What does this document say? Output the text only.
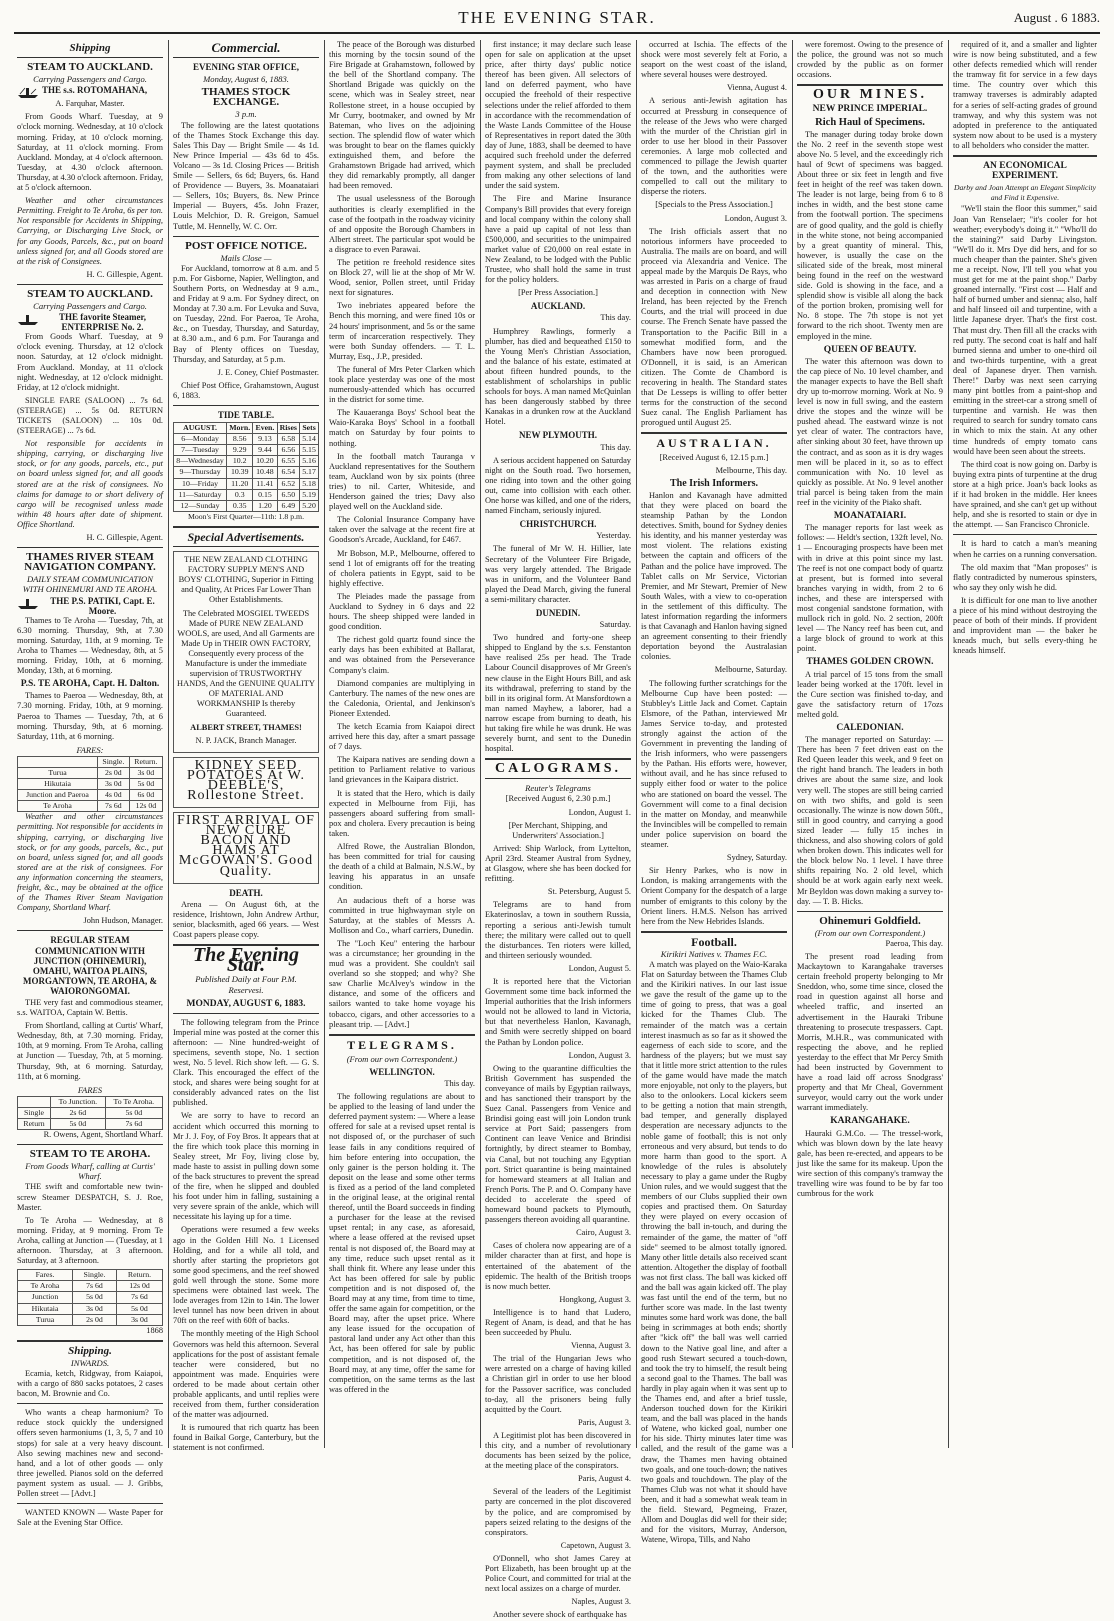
THE EVENING STAR.	August . 6 1883.
Shipping
STEAM TO AUCKLAND.
Carrying Passengers and Cargo.
THE s.s. ROTOMAHANA,

A. Farquhar, Master.

From Goods Wharf. Tuesday, at 9 o'clock morning. Wednesday, at 10 o'clock morning. Friday, at 10 o'clock morning. Saturday, at 11 o'clock morning. From Auckland. Monday, at 4 o'clock afternoon. Tuesday, at 4.30 o'clock afternoon. Thursday, at 4.30 o'clock afternoon. Friday, at 5 o'clock afternoon.

Weather and other circumstances Permitting. Freight to Te Aroha, 6s per ton. Not responsible for Accidents in Shipping, Carrying, or Discharging Live Stock, or for any Goods, Parcels, &c., put on board unless signed for, and all Goods stored are at the risk of Consignees.

H. C. Gillespie, Agent.

STEAM TO AUCKLAND.
Carrying Passengers and Cargo.
THE favorite Steamer, ENTERPRISE No. 2.

From Goods Wharf. Tuesday, at 9 o'clock evening. Thursday, at 12 o'clock noon. Saturday, at 12 o'clock midnight. From Auckland. Monday, at 11 o'clock night. Wednesday, at 12 o'clock midnight. Friday, at 12 o'clock midnight.

SINGLE FARE (SALOON) ... 7s 6d. (STEERAGE) ... 5s 0d. RETURN TICKETS (SALOON) ... 10s 0d. (STEERAGE) ... 7s 6d.

Not responsible for accidents in shipping, carrying, or discharging live stock, or for any goods, parcels, etc., put on board unless signed for, and all goods stored are at the risk of consignees. No claims for damage to or short delivery of cargo will be recognised unless made within 48 hours after date of shipment. Office Shortland.

H. C. Gillespie, Agent.

THAMES RIVER STEAM NAVIGATION COMPANY.
DAILY STEAM COMMUNICATION WITH OHINEMURI AND TE AROHA.
THE P.S. PATIKI, Capt. E. Moore.

Thames to Te Aroha — Tuesday, 7th, at 6.30 morning. Thursday, 9th, at 7.30 morning. Saturday, 11th, at 9 morning. Te Aroha to Thames — Wednesday, 8th, at 5 morning. Friday, 10th, at 6 morning. Monday, 13th, at 6 morning.

P.S. TE AROHA, Capt. H. Dalton.

Thames to Paeroa — Wednesday, 8th, at 7.30 morning. Friday, 10th, at 9 morning. Paeroa to Thames — Tuesday, 7th, at 6 morning. Thursday, 9th, at 6 morning. Saturday, 11th, at 6 morning.

FARES:
	Single.	Return.
Turua	2s 0d	3s 0d
Hikutaia	3s 0d	5s 0d
Junction and Paeroa	4s 0d	6s 0d
Te Aroha	7s 6d	12s 0d

Weather and other circumstances permitting. Not responsible for accidents in shipping, carrying, or discharging live stock, or for any goods, parcels, &c., put on board, unless signed for, and all goods stored are at the risk of consignees. For any information concerning the steamers, freight, &c., may be obtained at the office of the Thames River Steam Navigation Company, Shortland Wharf.

John Hudson, Manager.

REGULAR STEAM COMMUNICATION WITH JUNCTION (OHINEMURI), OMAHU, WAITOA PLAINS, MORGANTOWN, TE AROHA, & WAIORONGOMAI.

THE very fast and commodious steamer, s.s. WAITOA, Captain W. Bettis.

From Shortland, calling at Curtis' Wharf, Wednesday, 8th, at 7.30 morning. Friday, 10th, at 9 morning. From Te Aroha, calling at Junction — Tuesday, 7th, at 5 morning. Thursday, 9th, at 6 morning. Saturday, 11th, at 6 morning.

FARES
	To Junction.	To Te Aroha.
Single	2s 6d	5s 0d
Return	5s 0d	7s 6d

R. Owens, Agent, Shortland Wharf.

STEAM TO TE AROHA.
From Goods Wharf, calling at Curtis' Wharf.

THE swift and comfortable new twin-screw Steamer DESPATCH, S. J. Roe, Master.

To Te Aroha — Wednesday, at 8 morning. Friday, at 9 morning. From Te Aroha, calling at Junction — (Tuesday, at 1 afternoon. Thursday, at 3 afternoon. Saturday, at 3 afternoon.

Fares.	Single.	Return.
Te Aroha	7s 6d	12s 0d
Junction	5s 0d	7s 6d
Hikutaia	3s 0d	5s 0d
Turua	2s 0d	3s 0d

1868

Shipping.
INWARDS.

Ecamia, ketch, Ridgway, from Kaiapoi, with a cargo of 880 sacks potatoes, 2 cases bacon, M. Brownie and Co.

Who wants a cheap harmonium? To reduce stock quickly the undersigned offers seven harmoniums (1, 3, 5, 7 and 10 stops) for sale at a very heavy discount. Also sewing machines new and second-hand, and a lot of other goods — only three jewelled. Pianos sold on the deferred payment system as usual. — J. Gribbs, Pollen street — [Advt.]

WANTED KNOWN — Waste Paper for Sale at the Evening Star Office.

Commercial.
EVENING STAR OFFICE,
Monday, August 6, 1883.
THAMES STOCK EXCHANGE.
3 p.m.

The following are the latest quotations of the Thames Stock Exchange this day. Sales This Day — Bright Smile — 4s 1d. New Prince Imperial — 43s 6d to 45s. Volcano — 3s 1d. Closing Prices — British Smile — Sellers, 6s 6d; Buyers, 6s. Hand of Providence — Buyers, 3s. Moanataiari — Sellers, 10s; Buyers, 8s. New Prince Imperial — Buyers, 45s. John Frazer, Louis Melchior, D. R. Greigon, Samuel Tuttle, M. Hennelly, W. C. Orr.

POST OFFICE NOTICE.
Mails Close —

For Auckland, tomorrow at 8 a.m. and 5 p.m. For Gisborne, Napier, Wellington, and Southern Ports, on Wednesday at 9 a.m., and Friday at 9 a.m. For Sydney direct, on Monday at 7.30 a.m. For Levuka and Suva, on Tuesday, 22nd. For Paeroa, Te Aroha, &c., on Tuesday, Thursday, and Saturday, at 8.30 a.m., and 6 p.m. For Tauranga and Bay of Plenty offices on Tuesday, Thursday, and Saturday, at 5 p.m.

J. E. Coney, Chief Postmaster.

Chief Post Office, Grahamstown, August 6, 1883.

TIDE TABLE.
AUGUST.	Morn.	Even.	Rises	Sets
6—Monday	8.56	9.13	6.58	5.14
7—Tuesday	9.29	9.44	6.56	5.15
8—Wednesday	10.2	10.20	6.55	5.16
9—Thursday	10.39	10.48	6.54	5.17
10—Friday	11.20	11.41	6.52	5.18
11—Saturday	0.3	0.15	6.50	5.19
12—Sunday	0.35	1.20	6.49	5.20

Moon's First Quarter—11th: 1.8 p.m.

Special Advertisements.

THE NEW ZEALAND CLOTHING FACTORY SUPPLY MEN'S AND BOYS' CLOTHING, Superior in Fitting and Quality, At Prices Far Lower Than Other Establishments.

The Celebrated MOSGIEL TWEEDS Made of PURE NEW ZEALAND WOOLS, are used, And all Garments are Made Up in THEIR OWN FACTORY, Consequently every process of the Manufacture is under the immediate supervision of TRUSTWORTHY HANDS, And the GENUINE QUALITY OF MATERIAL AND WORKMANSHIP Is thereby Guaranteed.

ALBERT STREET, THAMES!

N. P. JACK, Branch Manager.

KIDNEY SEED POTATOES At W. DEEBLE'S, Rollestone Street.

FIRST ARRIVAL OF NEW CURE BACON AND HAMS AT McGOWAN'S. Good Quality.

DEATH.

Arena — On August 6th, at the residence, Irishtown, John Andrew Arthur, senior, blacksmith, aged 66 years. — West Coast papers please copy.

The Evening Star.
Published Daily at Four P.M.
Reservesi.
MONDAY, AUGUST 6, 1883.

The following telegram from the Prince Imperial mine was posted at the corner this afternoon: — Nine hundred-weight of specimens, seventh stope, No. 1 section west, No. 5 level. Rich show left. — G. S. Clark. This encouraged the effect of the stock, and shares were being sought for at considerably advanced rates on the list published.

We are sorry to have to record an accident which occurred this morning to Mr J. J. Foy, of Foy Bros. It appears that at the fire which took place this morning in Sealey street, Mr Foy, living close by, made haste to assist in pulling down some of the back structures to prevent the spread of the fire, when he slipped and doubled his foot under him in falling, sustaining a very severe sprain of the ankle, which will necessitate his laying up for a time.

Operations were resumed a few weeks ago in the Golden Hill No. 1 Licensed Holding, and for a while all told, and shortly after starting the proprietors got some good specimens, and the reef showed gold well through the stone. Some more specimens were obtained last week. The lode averages from 12in to 14in. The lower level tunnel has now been driven in about 70ft on the reef with 60ft of backs.

The monthly meeting of the High School Governors was held this afternoon. Several applications for the post of assistant female teacher were considered, but no appointment was made. Enquiries were ordered to be made about certain other probable applicants, and until replies were received from them, further consideration of the matter was adjourned.

It is rumoured that rich quartz has been found in Baikal Gorge, Canterbury, but the statement is not confirmed.

The peace of the Borough was disturbed this morning by the tocsin sound of the Fire Brigade at Grahamstown, followed by the bell of the Shortland company. The Shortland Brigade was quickly on the scene, which was in Sealey street, near Rollestone street, in a house occupied by Mr Curry, bootmaker, and owned by Mr Bateman, who lives on the adjoining section. The splendid flow of water which was brought to bear on the flames quickly extinguished them, and before the Grahamstown Brigade had arrived, which they did remarkably promptly, all danger had been removed.

The usual uselessness of the Borough authorities is clearly exemplified in the case of the footpath in the roadway vicinity of and opposite the Borough Chambers in Albert street. The particular spot would be a disgrace to even Parawai.

The petition re freehold residence sites on Block 27, will lie at the shop of Mr W. Wood, senior, Pollen street, until Friday next for signatures.

Two inebriates appeared before the Bench this morning, and were fined 10s or 24 hours' imprisonment, and 5s or the same term of incarceration respectively. They were both Sunday offenders. — T. L. Murray, Esq., J.P., presided.

The funeral of Mrs Peter Clarken which took place yesterday was one of the most numerously-attended which has occurred in the district for some time.

The Kauaeranga Boys' School beat the Waio-Karaka Boys' School in a football match on Saturday by four points to nothing.

In the football match Tauranga v Auckland representatives for the Southern team, Auckland won by six points (three tries) to nil. Carter, Whiteside, and Henderson gained the tries; Davy also played well on the Auckland side.

The Colonial Insurance Company have taken over the salvage at the recent fire at Goodson's Arcade, Auckland, for £467.

Mr Bobson, M.P., Melbourne, offered to send 1 lot of emigrants off for the treating of cholera patients in Egypt, said to be highly effective.

The Pleiades made the passage from Auckland to Sydney in 6 days and 22 hours. The sheep shipped were landed in good condition.

The richest gold quartz found since the early days has been exhibited at Ballarat, and was obtained from the Perseverance Company's claim.

Diamond companies are multiplying in Canterbury. The names of the new ones are the Caledonia, Oriental, and Jenkinson's Pioneer Extended.

The ketch Ecamia from Kaiapoi direct arrived here this day, after a smart passage of 7 days.

The Kaipara natives are sending down a petition to Parliament relative to various land grievances in the Kaipara district.

It is stated that the Hero, which is daily expected in Melbourne from Fiji, has passengers aboard suffering from small-pox and cholera. Every precaution is being taken.

Alfred Rowe, the Australian Blondon, has been committed for trial for causing the death of a child at Balmain, N.S.W., by leaving his apparatus in an unsafe condition.

An audacious theft of a horse was committed in true highwayman style on Saturday, at the stables of Messrs A. Mollison and Co., wharf carriers, Dunedin.

The "Loch Keu" entering the harbour was a circumstance; her grounding in the mud was a provident. She couldn't sail overland so she stopped; and why? She saw Charlie McAlvey's window in the distance, and some of the officers and sailors wanted to take home voyage his tobacco, cigars, and other accessories to a pleasant trip. — [Advt.]

TELEGRAMS.
(From our own Correspondent.)
WELLINGTON.

This day.

The following regulations are about to be applied to the leasing of land under the deferred payment system: — Where a lease offered for sale at a revised upset rental is not disposed of, or the purchaser of such lease fails in any conditions required of him before entering into occupation, the only gainer is the person holding it. The deposit on the lease and some other terms is fixed as a period of the land completed in the original lease, at the original rental thereof, until the Board succeeds in finding a purchaser for the lease at the revised upset rental; in any case, as aforesaid, where a lease offered at the revised upset rental is not disposed of, the Board may at any time, reduce such upset rental as it shall think fit. Where any lease under this Act has been offered for sale by public competition and is not disposed of, the Board may at any time, from time to time, offer the same again for competition, or the Board may, after the upset price. Where any lease issued for the occupation of pastoral land under any Act other than this Act, has been offered for sale by public competition, and is not disposed of, the Board may, at any time, offer the same for competition, on the same terms as the last was offered in the

first instance; it may declare such lease open for sale on application at the upset price, after thirty days' public notice thereof has been given. All selectors of land on deferred payment, who have occupied the freehold of their respective selections under the relief afforded to them in accordance with the recommendation of the Waste Lands Committee of the House of Representatives in report dated the 30th day of June, 1883, shall be deemed to have acquired such freehold under the deferred payment system, and shall be precluded from making any other selections of land under the said system.

The Fire and Marine Insurance Company's Bill provides that every foreign and local company within the colony shall have a paid up capital of not less than £500,000, and securities to the unimpaired market value of £20,000 on real estate in New Zealand, to be lodged with the Public Trustee, who shall hold the same in trust for the policy holders.

[Per Press Association.]

AUCKLAND.

This day.

Humphrey Rawlings, formerly a plumber, has died and bequeathed £150 to the Young Men's Christian Association, and the balance of his estate, estimated at about fifteen hundred pounds, to the establishment of scholarships in public schools for boys. A man named McQuinlan has been dangerously stabbed by three Kanakas in a drunken row at the Auckland Hotel.

NEW PLYMOUTH.

This day.

A serious accident happened on Saturday night on the South road. Two horsemen, one riding into town and the other going out, came into collision with each other. One horse was killed, and one of the riders, named Fincham, seriously injured.

CHRISTCHURCH.

Yesterday.

The funeral of Mr W. H. Hillier, late Secretary of the Volunteer Fire Brigade, was very largely attended. The Brigade was in uniform, and the Volunteer Band played the Dead March, giving the funeral a semi-military character.

DUNEDIN.

Saturday.

Two hundred and forty-one sheep shipped to England by the s.s. Fenstanton have realised 25s per head. The Trade Labour Council disapproves of Mr Green's new clause in the Eight Hours Bill, and ask its withdrawal, preferring to stand by the bill in its original form. At Mansfordtown a man named Mayhew, a laborer, had a narrow escape from burning to death, his hut taking fire while he was drunk. He was severely burnt, and sent to the Dunedin hospital.

CALOGRAMS.
Reuter's Telegrams

[Received August 6, 2.30 p.m.]

London, August 1.

[Per Merchant, Shipping, and Underwriters' Association.]

Arrived: Ship Warlock, from Lyttelton, April 23rd. Steamer Austral from Sydney, at Glasgow, where she has been docked for refitting.

St. Petersburg, August 5.

Telegrams are to hand from Ekaterinoslav, a town in southern Russia, reporting a serious anti-Jewish tumult there; the military were called out to quell the disturbances. Ten rioters were killed, and thirteen seriously wounded.

London, August 5.

It is reported here that the Victorian Government some time back informed the Imperial authorities that the Irish informers would not be allowed to land in Victoria, but that nevertheless Hanlon, Kavanagh, and Smith were secretly shipped on board the Pathan by London police.

London, August 3.

Owing to the quarantine difficulties the British Government has suspended the conveyance of mails by Egyptian railways, and has sanctioned their transport by the Suez Canal. Passengers from Venice and Brindisi going east will join London trunk service at Port Said; passengers from Continent can leave Venice and Brindisi fortnightly, by direct steamer to Bombay, via Canal, but not touching any Egyptian port. Strict quarantine is being maintained for homeward steamers at all Italian and French Ports. The P. and O. Company have decided to accelerate the speed of homeward bound packets to Plymouth, passengers thereon avoiding all quarantine.

Cairo, August 3.

Cases of cholera now appearing are of a milder character than at first, and hope is entertained of the abatement of the epidemic. The health of the British troops is now much better.

Hongkong, August 3.

Intelligence is to hand that Ludero, Regent of Anam, is dead, and that he has been succeeded by Phulu.

Vienna, August 3.

The trial of the Hungarian Jews who were arrested on a charge of having killed a Christian girl in order to use her blood for the Passover sacrifice, was concluded to-day, all the prisoners being fully acquitted by the Court.

Paris, August 3.

A Legitimist plot has been discovered in this city, and a number of revolutionary documents has been seized by the police, at the meeting place of the conspirators.

Paris, August 4.

Several of the leaders of the Legitimist party are concerned in the plot discovered by the police, and are compromised by papers seized relating to the designs of the conspirators.

Capetown, August 3.

O'Donnell, who shot James Carey at Port Elizabeth, has been brought up at the Police Court, and committed for trial at the next local assizes on a charge of murder.

Naples, August 3.

Another severe shock of earthquake has

occurred at Ischia. The effects of the shock were most severely felt at Forio, a seaport on the west coast of the island, where several houses were destroyed.

Vienna, August 4.

A serious anti-Jewish agitation has occurred at Pressburg in consequence of the release of the Jews who were charged with the murder of the Christian girl in order to use her blood in their Passover ceremonies. A large mob collected and commenced to pillage the Jewish quarter of the town, and the authorities were compelled to call out the military to disperse the rioters.

[Specials to the Press Association.]

London, August 3.

The Irish officials assert that no notorious informers have proceeded to Australia. The mails are on board, and will proceed via Alexandria and Venice. The appeal made by the Marquis De Rays, who was arrested in Paris on a charge of fraud and deception in connection with New Ireland, has been rejected by the French Courts, and the trial will proceed in due course. The French Senate have passed the Transportation to the Pacific Bill in a somewhat modified form, and the Chambers have now been prorogued. O'Donnell, it is said, is an American citizen. The Comte de Chambord is recovering in health. The Standard states that De Lesseps is willing to offer better terms for the construction of the second Suez canal. The English Parliament has prorogued until August 25.

AUSTRALIAN.

[Received August 6, 12.15 p.m.]

Melbourne, This day.

The Irish Informers.

Hanlon and Kavanagh have admitted that they were placed on board the steamship Pathan by the London detectives. Smith, bound for Sydney denies his identity, and his manner yesterday was most violent. The relations existing between the captain and officers of the Pathan and the police have improved. The Tablet calls on Mr Service, Victorian Premier, and Mr Stewart, Premier of New South Wales, with a view to co-operation in the settlement of this difficulty. The latest information regarding the informers is that Cavanagh and Hanlon having signed an agreement consenting to their friendly deportation beyond the Australasian colonies.

Melbourne, Saturday.

The following further scratchings for the Melbourne Cup have been posted: — Stubbley's Little Jack and Comet. Captain Elsmore, of the Pathan, interviewed Mr James Service to-day, and protested strongly against the action of the Government in preventing the landing of the Irish informers, who were passengers by the Pathan. His efforts were, however, without avail, and he has since refused to supply either food or water to the police who are stationed on board the vessel. The Government will come to a final decision in the matter on Monday, and meanwhile the Invincibles will be compelled to remain under police supervision on board the steamer.

Sydney, Saturday.

Sir Henry Parkes, who is now in London, is making arrangements with the Orient Company for the despatch of a large number of emigrants to this colony by the Orient liners. H.M.S. Nelson has arrived here from the New Hebrides Islands.

Football.
Kirikiri Natives v. Thames F.C.

A match was played on the Waio-Karaka Flat on Saturday between the Thames Club and the Kirikiri natives. In our last issue we gave the result of the game up to the time of going to press, that was a goal kicked for the Thames Club. The remainder of the match was a certain interest inasmuch as so far as it showed the eagerness of each side to score, and the hardness of the players; but we must say that it little more strict attention to the rules of the game would have made the match more enjoyable, not only to the players, but also to the onlookers. Local kickers seem to be getting a notion that main strength, bad temper, and generally displayed desperation are necessary adjuncts to the noble game of football; this is not only erroneous and very absurd, but tends to do more harm than good to the sport. A knowledge of the rules is absolutely necessary to play a game under the Rugby Union rules, and we would suggest that the members of our Clubs supplied their own copies and practised them. On Saturday they were played on every occasion of throwing the ball in-touch, and during the remainder of the game, the matter of "off side" seemed to be almost totally ignored. Many other little details also received scant attention. Altogether the display of football was not first class. The ball was kicked off and the ball was again kicked off. The play was fast until the end of the term, but no further score was made. In the last twenty minutes some hard work was done, the ball being in scrimmages at both ends; shortly after "kick off" the ball was well carried down to the Native goal line, and after a good rush Stewart secured a touch-down, and took the try to himself, the result being a second goal to the Thames. The ball was hardly in play again when it was sent up to the Thames end, and after a brief tussle, Anderson touched down for the Kirikiri team, and the ball was placed in the hands of Watene, who kicked goal, number one for his side. Thirty minutes later time was called, and the result of the game was a draw, the Thames men having obtained two goals, and one touch-down; the natives two goals and touchdown. The play of the Thames Club was not what it should have been, and it had a somewhat weak team in the field. Steward, Pegmeing, Frazer, Allom and Douglas did well for their side; and for the visitors, Murray, Anderson, Watene, Wiropa, Tills, and Naho

were foremost. Owing to the presence of the police, the ground was not so much crowded by the public as on former occasions.

OUR MINES.
NEW PRINCE IMPERIAL.
Rich Haul of Specimens.

The manager during today broke down the No. 2 reef in the seventh stope west above No. 5 level, and the exceedingly rich haul of 9cwt of specimens was bagged. About three or six feet in length and five feet in height of the reef was taken down. The leader is not large, being from 6 to 8 inches in width, and the best stone came from the footwall portion. The specimens are of good quality, and the gold is chiefly in the white stone, not being accompanied by a great quantity of mineral. This, however, is usually the case on the silicated side of the break, most mineral being found in the reef on the westward side. Gold is showing in the face, and a splendid show is visible all along the back of the portion broken, promising well for No. 8 stope. The 7th stope is not yet forward to the rich shoot. Twenty men are employed in the mine.

QUEEN OF BEAUTY.

The water this afternoon was down to the cap piece of No. 10 level chamber, and the manager expects to have the Bell shaft dry up to-morrow morning. Work at No. 9 level is now in full swing, and the eastern drive the stopes and the winze will be pushed ahead. The eastward winze is not yet clear of water. The contractors have, after sinking about 30 feet, have thrown up the contract, and as soon as it is dry wages men will be placed in it, so as to effect communication with No. 10 level as quickly as possible. At No. 9 level another trial parcel is being taken from the main reef in the vicinity of the Piako shaft.

MOANATAIARI.

The manager reports for last week as follows: — Heldt's section, 132ft level, No. 1 — Encouraging prospects have been met with in drive at this point since my last. The reef is not one compact body of quartz at present, but is formed into several branches varying in width, from 2 to 6 inches, and these are interspersed with most congenial sandstone formation, with mullock rich in gold. No. 2 section, 200ft level — The Nancy reef has been cut, and a large block of ground to work at this point.

THAMES GOLDEN CROWN.

A trial parcel of 15 tons from the small leader being worked at the 170ft. level in the Cure section was finished to-day, and gave the satisfactory return of 17ozs melted gold.

CALEDONIAN.

The manager reported on Saturday: — There has been 7 feet driven east on the Red Queen leader this week, and 9 feet on the right hand branch. The leaders in both drives are about the same size, and look very well. The stopes are still being carried on with two shifts, and gold is seen occasionally. The winze is now down 50ft., still in good country, and carrying a good sized leader — fully 15 inches in thickness, and also showing colors of gold when broken down. This indicates well for the block below No. 1 level. I have three shifts repairing No. 2 old level, which should be at work again early next week. Mr Beyldon was down making a survey to-day. — T. B. Hicks.

Ohinemuri Goldfield.
(From our own Correspondent.)

Paeroa, This day.

The present road leading from Mackaytown to Karangahake traverses certain freehold property belonging to Mr Sneddon, who, some time since, closed the road in question against all horse and wheeled traffic, and inserted an advertisement in the Hauraki Tribune threatening to prosecute trespassers. Capt. Morris, M.H.R., was communicated with respecting the above, and he replied yesterday to the effect that Mr Percy Smith had been instructed by Government to have a road laid off across Snodgrass' property and that Mr Cheal, Government surveyor, would carry out the work under warrant immediately.

KARANGAHAKE.

Hauraki G.M.Co. — The tressel-work, which was blown down by the late heavy gale, has been re-erected, and appears to be just like the same for its makeup. Upon the wire section of this company's tramway the travelling wire was found to be by far too cumbrous for the work

required of it, and a smaller and lighter wire is now being substituted, and a few other defects remedied which will render the tramway fit for service in a few days time. The country over which this tramway traverses is admirably adapted for a series of self-acting grades of ground tramway, and why this system was not adopted in preference to the antiquated system now about to be used is a mystery to all beholders who consider the matter.

AN ECONOMICAL EXPERIMENT.
Darby and Joan Attempt an Elegant Simplicity and Find it Expensive.

"We'll stain the floor this summer," said Joan Van Renselaer; "it's cooler for hot weather; everybody's doing it." "Who'll do the staining?" said Darby Livingston. "We'll do it. Mrs Dye did hers, and for so much cheaper than the painter. She's given me a receipt. Now, I'll tell you what you must get for me at the paint shop." Darby groaned internally. "First cost — Half and half of burned umber and sienna; also, half and half linseed oil and turpentine, with a little Japanese dryer. That's the first cost. That must dry. Then fill all the cracks with red putty. The second coat is half and half burned sienna and umber to one-third oil and two-thirds turpentine, with a great deal of Japanese dryer. Then varnish. There!" Darby was next seen carrying many pint bottles from a paint-shop and emitting in the street-car a strong smell of turpentine and varnish. He was then required to search for sundry tomato cans in which to mix the stain. At any other time hundreds of empty tomato cans would have been seen about the streets.

The third coat is now going on. Darby is buying extra pints of turpentine at the drug store at a high price. Joan's back looks as if it had broken in the middle. Her knees have sprained, and she can't get up without help, and she is resorted to stain or dye in the attempt. — San Francisco Chronicle.

It is hard to catch a man's meaning when he carries on a running conversation.

The old maxim that "Man proposes" is flatly contradicted by numerous spinsters, who say they only wish he did.

It is difficult for one man to live another a piece of his mind without destroying the peace of both of their minds. If provident and improvident man — the baker he kneads much, but sells every-thing he kneads himself.
